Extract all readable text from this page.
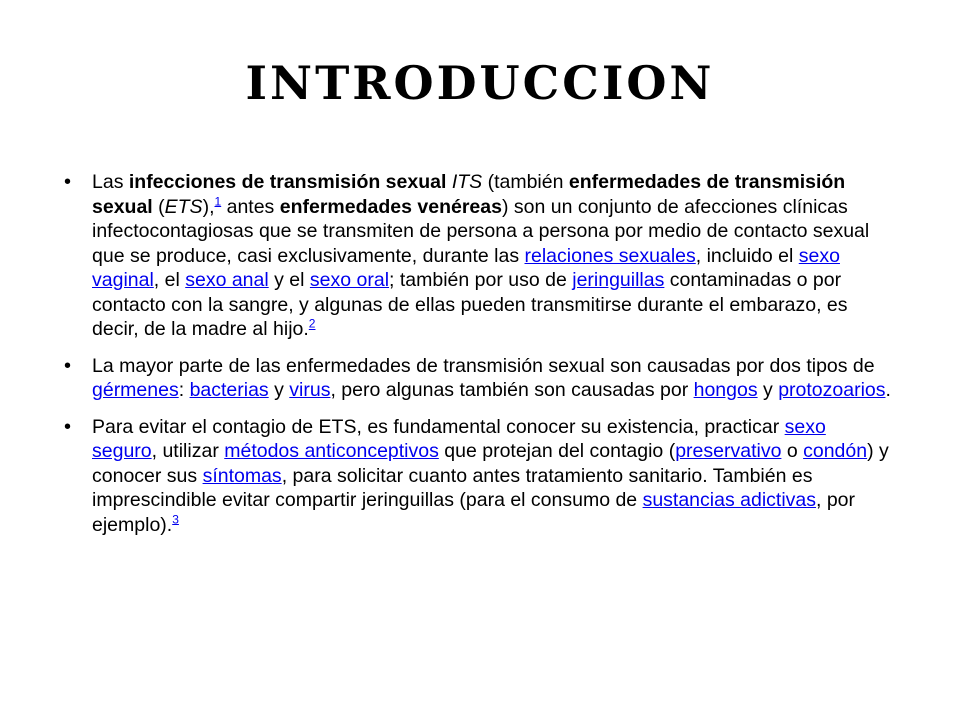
INTRODUCCION
• Las infecciones de transmisión sexual ITS (también enfermedades de transmisión sexual (ETS),$^1$ antes enfermedades venéreas) son un conjunto de afecciones clínicas infectocontagiosas que se transmiten de persona a persona por medio de contacto sexual que se produce, casi exclusivamente, durante las relaciones sexuales, incluido el sexo vaginal, el sexo anal y el sexo oral; también por uso de jeringuillas contaminadas o por contacto con la sangre, y algunas de ellas pueden transmitirse durante el embarazo, es decir, de la madre al hijo.$^2$
• La mayor parte de las enfermedades de transmisión sexual son causadas por dos tipos de gérmenes: bacterias y virus, pero algunas también son causadas por hongos y protozoarios.
• Para evitar el contagio de ETS, es fundamental conocer su existencia, practicar sexo seguro, utilizar métodos anticonceptivos que protejan del contagio (preservativo o condón) y conocer sus síntomas, para solicitar cuanto antes tratamiento sanitario. También es imprescindible evitar compartir jeringuillas (para el consumo de sustancias adictivas, por ejemplo).$^3$
